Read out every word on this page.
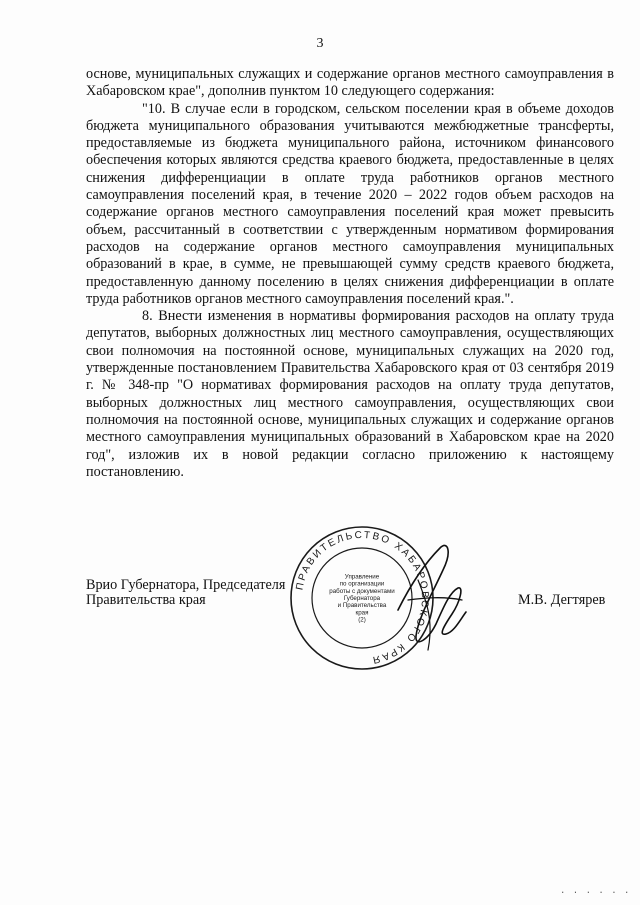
3

основе, муниципальных служащих и содержание органов местного самоуправления в Хабаровском крае", дополнив пунктом 10 следующего содержания:

"10. В случае если в городском, сельском поселении края в объеме доходов бюджета муниципального образования учитываются межбюджетные трансферты, предоставляемые из бюджета муниципального района, источником финансового обеспечения которых являются средства краевого бюджета, предоставленные в целях снижения дифференциации в оплате труда работников органов местного самоуправления поселений края, в течение 2020 – 2022 годов объем расходов на содержание органов местного самоуправления поселений края может превысить объем, рассчитанный в соответствии с утвержденным нормативом формирования расходов на содержание органов местного самоуправления муниципальных образований в крае, в сумме, не превышающей сумму средств краевого бюджета, предоставленную данному поселению в целях снижения дифференциации в оплате труда работников органов местного самоуправления поселений края.".

8. Внести изменения в нормативы формирования расходов на оплату труда депутатов, выборных должностных лиц местного самоуправления, осуществляющих свои полномочия на постоянной основе, муниципальных служащих на 2020 год, утвержденные постановлением Правительства Хабаровского края от 03 сентября 2019 г. № 348-пр "О нормативах формирования расходов на оплату труда депутатов, выборных должностных лиц местного самоуправления, осуществляющих свои полномочия на постоянной основе, муниципальных служащих и содержание органов местного самоуправления муниципальных образований в Хабаровском крае на 2020 год", изложив их в новой редакции согласно приложению к настоящему постановлению.

Врио Губернатора, Председателя
Правительства края
ПРАВИТЕЛЬСТВО ХАБАРОВСКОГО КРАЯ
Управление
по организации
работы с документами
Губернатора
и Правительства
края
(2)
М.В. Дегтярев
· · · · · ·
